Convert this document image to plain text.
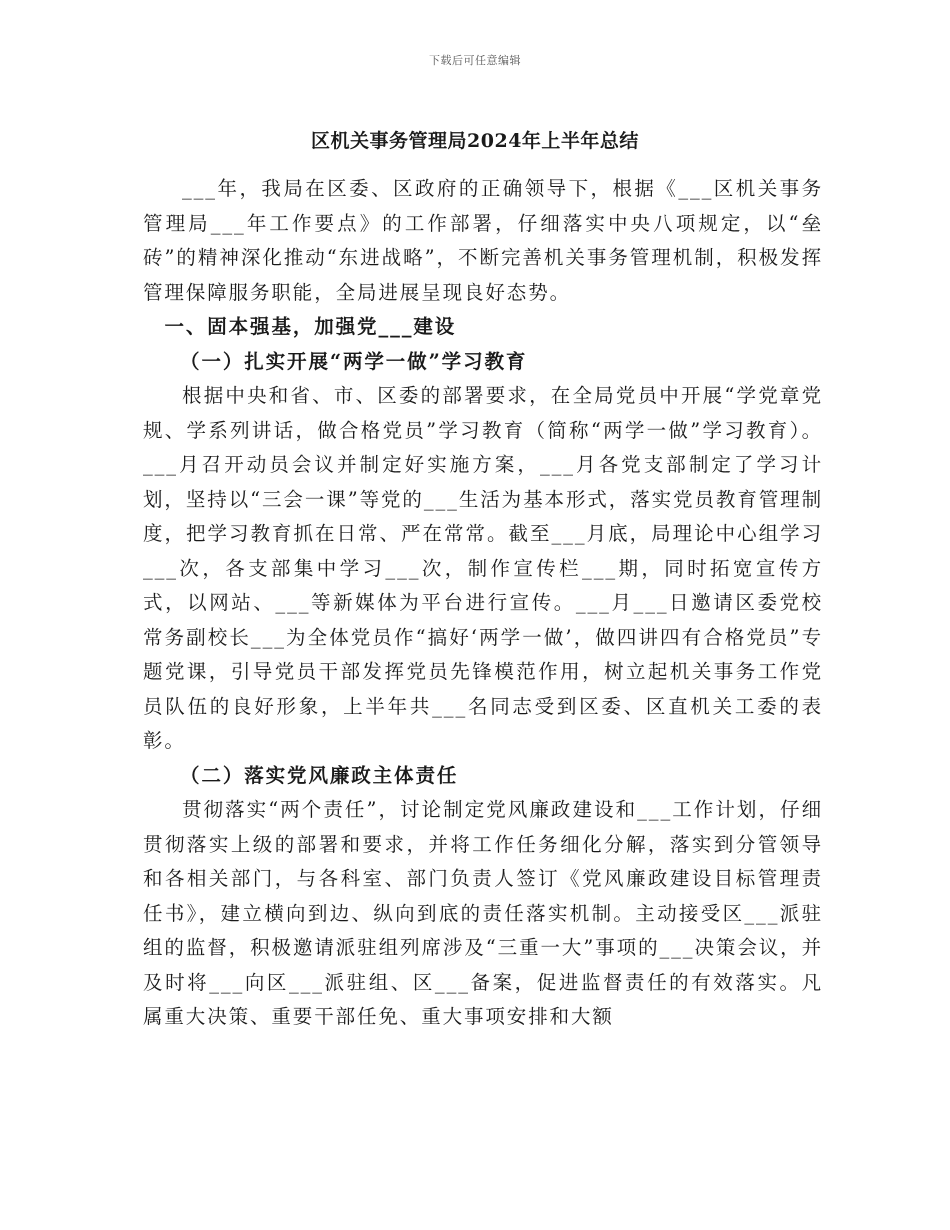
下载后可任意编辑
区机关事务管理局2024年上半年总结

___年，我局在区委、区政府的正确领导下，根据《___区机关事务管理局___年工作要点》的工作部署，仔细落实中央八项规定，以“垒砖”的精神深化推动“东进战略”，不断完善机关事务管理机制，积极发挥管理保障服务职能，全局进展呈现良好态势。

一、固本强基，加强党___建设

（一）扎实开展“两学一做”学习教育

根据中央和省、市、区委的部署要求，在全局党员中开展“学党章党规、学系列讲话，做合格党员”学习教育（简称“两学一做”学习教育）。___月召开动员会议并制定好实施方案，___月各党支部制定了学习计划，坚持以“三会一课”等党的___生活为基本形式，落实党员教育管理制度，把学习教育抓在日常、严在常常。截至___月底，局理论中心组学习___次，各支部集中学习___次，制作宣传栏___期，同时拓宽宣传方式，以网站、___等新媒体为平台进行宣传。___月___日邀请区委党校常务副校长___为全体党员作“搞好‘两学一做’，做四讲四有合格党员”专题党课，引导党员干部发挥党员先锋模范作用，树立起机关事务工作党员队伍的良好形象，上半年共___名同志受到区委、区直机关工委的表彰。

（二）落实党风廉政主体责任

贯彻落实“两个责任”，讨论制定党风廉政建设和___工作计划，仔细贯彻落实上级的部署和要求，并将工作任务细化分解，落实到分管领导和各相关部门，与各科室、部门负责人签订《党风廉政建设目标管理责任书》，建立横向到边、纵向到底的责任落实机制。主动接受区___派驻组的监督，积极邀请派驻组列席涉及“三重一大”事项的___决策会议，并及时将___向区___派驻组、区___备案，促进监督责任的有效落实。凡属重大决策、重要干部任免、重大事项安排和大额
